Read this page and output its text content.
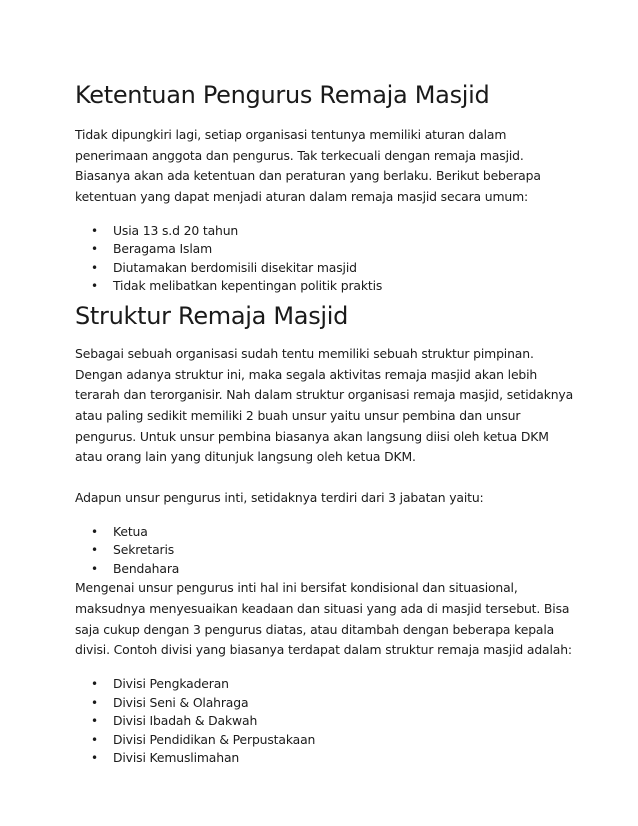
Ketentuan Pengurus Remaja Masjid

Tidak dipungkiri lagi, setiap organisasi tentunya memiliki aturan dalam penerimaan anggota dan pengurus. Tak terkecuali dengan remaja masjid. Biasanya akan ada ketentuan dan peraturan yang berlaku. Berikut beberapa ketentuan yang dapat menjadi aturan dalam remaja masjid secara umum:

• Usia 13 s.d 20 tahun
• Beragama Islam
• Diutamakan berdomisili disekitar masjid
• Tidak melibatkan kepentingan politik praktis
Struktur Remaja Masjid

Sebagai sebuah organisasi sudah tentu memiliki sebuah struktur pimpinan. Dengan adanya struktur ini, maka segala aktivitas remaja masjid akan lebih terarah dan terorganisir. Nah dalam struktur organisasi remaja masjid, setidaknya atau paling sedikit memiliki 2 buah unsur yaitu unsur pembina dan unsur pengurus. Untuk unsur pembina biasanya akan langsung diisi oleh ketua DKM atau orang lain yang ditunjuk langsung oleh ketua DKM.

Adapun unsur pengurus inti, setidaknya terdiri dari 3 jabatan yaitu:

• Ketua
• Sekretaris
• Bendahara

Mengenai unsur pengurus inti hal ini bersifat kondisional dan situasional, maksudnya menyesuaikan keadaan dan situasi yang ada di masjid tersebut. Bisa saja cukup dengan 3 pengurus diatas, atau ditambah dengan beberapa kepala divisi. Contoh divisi yang biasanya terdapat dalam struktur remaja masjid adalah:

• Divisi Pengkaderan
• Divisi Seni & Olahraga
• Divisi Ibadah & Dakwah
• Divisi Pendidikan & Perpustakaan
• Divisi Kemuslimahan
